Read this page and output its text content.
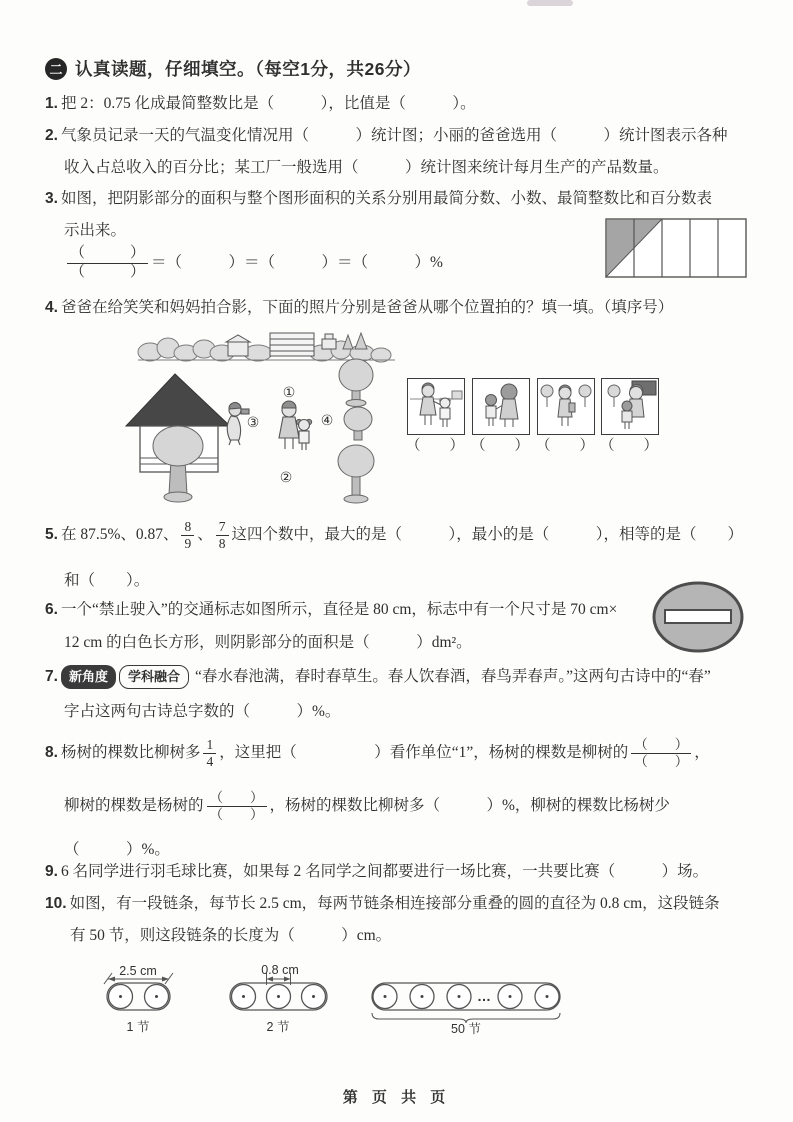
二 认真读题，仔细填空。（每空1分，共26分）
1. 把 2：0.75 化成最简整数比是（　　　），比值是（　　　）。
2. 气象员记录一天的气温变化情况用（　　　）统计图；小丽的爸爸选用（　　　）统计图表示各种
收入占总收入的百分比；某工厂一般选用（　　　）统计图来统计每月生产的产品数量。
3. 如图，把阴影部分的面积与整个图形面积的关系分别用最简分数、小数、最简整数比和百分数表
示出来。
$\frac{( )}{( )}$ ＝（　　　）＝（　　　）＝（　　　）%
4. 爸爸在给笑笑和妈妈拍合影，下面的照片分别是爸爸从哪个位置拍的？填一填。（填序号）
①
②
③	④
（　　） （　　） （　　） （　　）
5. 在 87.5%、0.87、 $\frac{8}{9}$ 、 $\frac{7}{8}$ 这四个数中，最大的是（　　　），最小的是（　　　），相等的是（　　）
和（　　）。
6. 一个“禁止驶入”的交通标志如图所示，直径是 80 cm，标志中有一个尺寸是 70 cm×
12 cm 的白色长方形，则阴影部分的面积是（　　　）dm²。
7. 新角度	学科融合 “春水春池满，春时春草生。春人饮春酒，春鸟弄春声。”这两句古诗中的“春”
字占这两句古诗总字数的（　　　）%。
8. 杨树的棵数比柳树多 $\frac{1}{4}$ ，这里把（　　　　　）看作单位“1”，杨树的棵数是柳树的 $\frac{( )}{( )}$ ，
柳树的棵数是杨树的 $\frac{( )}{( )}$ ，杨树的棵数比柳树多（　　　）%，柳树的棵数比杨树少
（　　　）%。
9. 6 名同学进行羽毛球比赛，如果每 2 名同学之间都要进行一场比赛，一共要比赛（　　　）场。
10. 如图，有一段链条，每节长 2.5 cm，每两节链条相连接部分重叠的圆的直径为 0.8 cm，这段链条
有 50 节，则这段链条的长度为（　　　）cm。
2.5 cm
1 节
0.8 cm
2 节
…
50 节
第 页 共 页
